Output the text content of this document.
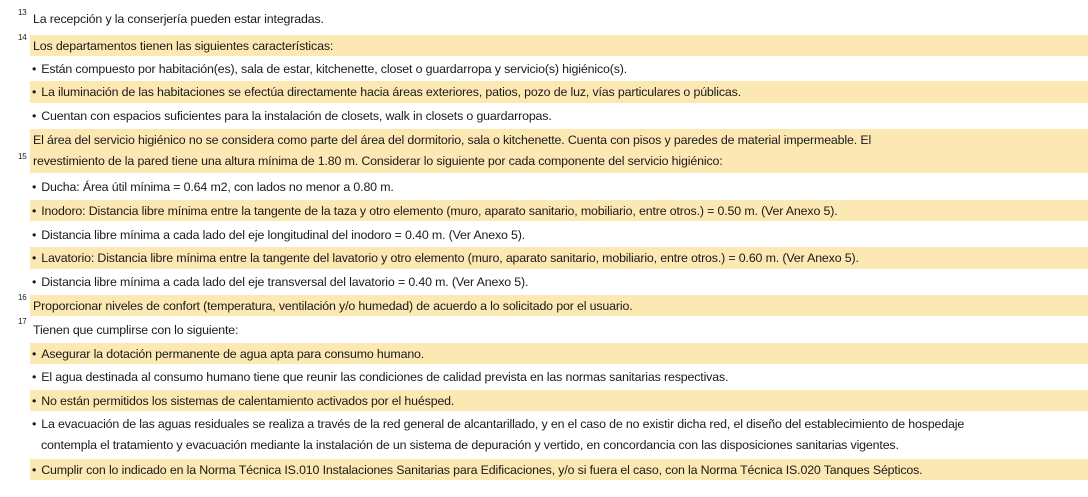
13 La recepción y la conserjería pueden estar integradas.
14
Los departamentos tienen las siguientes características:
• Están compuesto por habitación(es), sala de estar, kitchenette, closet o guardarropa y servicio(s) higiénico(s).
• La iluminación de las habitaciones se efectúa directamente hacia áreas exteriores, patios, pozo de luz, vías particulares o públicas.
• Cuentan con espacios suficientes para la instalación de closets, walk in closets o guardarropas.
15
El área del servicio higiénico no se considera como parte del área del dormitorio, sala o kitchenette. Cuenta con pisos y paredes de material impermeable. El
revestimiento de la pared tiene una altura mínima de 1.80 m. Considerar lo siguiente por cada componente del servicio higiénico:
• Ducha: Área útil mínima = 0.64 m2, con lados no menor a 0.80 m.
• Inodoro: Distancia libre mínima entre la tangente de la taza y otro elemento (muro, aparato sanitario, mobiliario, entre otros.) = 0.50 m. (Ver Anexo 5).
• Distancia libre mínima a cada lado del eje longitudinal del inodoro = 0.40 m. (Ver Anexo 5).
• Lavatorio: Distancia libre mínima entre la tangente del lavatorio y otro elemento (muro, aparato sanitario, mobiliario, entre otros.) = 0.60 m. (Ver Anexo 5).
• Distancia libre mínima a cada lado del eje transversal del lavatorio = 0.40 m. (Ver Anexo 5).
16
Proporcionar niveles de confort (temperatura, ventilación y/o humedad) de acuerdo a lo solicitado por el usuario.
17
Tienen que cumplirse con lo siguiente:
• Asegurar la dotación permanente de agua apta para consumo humano.
• El agua destinada al consumo humano tiene que reunir las condiciones de calidad prevista en las normas sanitarias respectivas.
• No están permitidos los sistemas de calentamiento activados por el huésped.
• La evacuación de las aguas residuales se realiza a través de la red general de alcantarillado, y en el caso de no existir dicha red, el diseño del establecimiento de hospedaje
contempla el tratamiento y evacuación mediante la instalación de un sistema de depuración y vertido, en concordancia con las disposiciones sanitarias vigentes.
• Cumplir con lo indicado en la Norma Técnica IS.010 Instalaciones Sanitarias para Edificaciones, y/o si fuera el caso, con la Norma Técnica IS.020 Tanques Sépticos.
